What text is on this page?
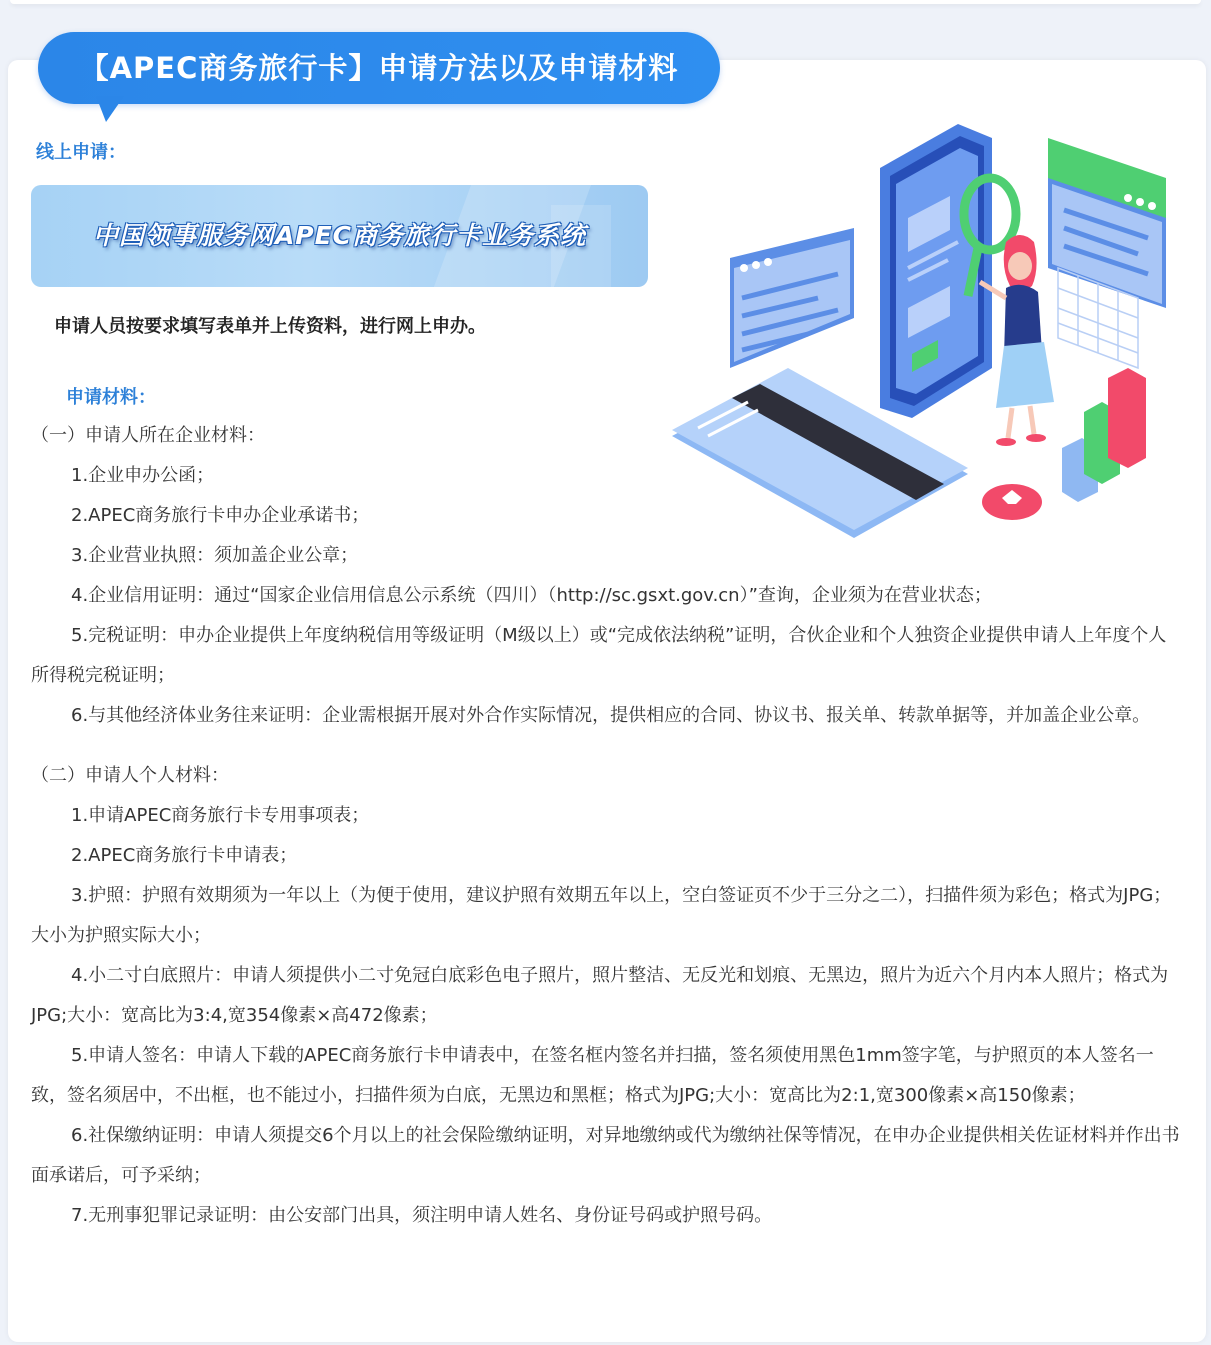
【APEC商务旅行卡】申请方法以及申请材料
线上申请：
中国领事服务网APEC商务旅行卡业务系统
申请人员按要求填写表单并上传资料，进行网上申办。
申请材料：

（一）申请人所在企业材料：

1.企业申办公函；

2.APEC商务旅行卡申办企业承诺书；

3.企业营业执照：须加盖企业公章；

4.企业信用证明：通过“国家企业信用信息公示系统（四川）（http://sc.gsxt.gov.cn）”查询，企业须为在营业状态；

5.完税证明：申办企业提供上年度纳税信用等级证明（M级以上）或“完成依法纳税”证明，合伙企业和个人独资企业提供申请人上年度个人所得税完税证明；

6.与其他经济体业务往来证明：企业需根据开展对外合作实际情况，提供相应的合同、协议书、报关单、转款单据等，并加盖企业公章。

（二）申请人个人材料：

1.申请APEC商务旅行卡专用事项表；

2.APEC商务旅行卡申请表；

3.护照：护照有效期须为一年以上（为便于使用，建议护照有效期五年以上，空白签证页不少于三分之二），扫描件须为彩色；格式为JPG；大小为护照实际大小；

4.小二寸白底照片：申请人须提供小二寸免冠白底彩色电子照片，照片整洁、无反光和划痕、无黑边，照片为近六个月内本人照片；格式为JPG;大小：宽高比为3:4,宽354像素×高472像素；

5.申请人签名：申请人下载的APEC商务旅行卡申请表中，在签名框内签名并扫描，签名须使用黑色1mm签字笔，与护照页的本人签名一致，签名须居中，不出框，也不能过小，扫描件须为白底，无黑边和黑框；格式为JPG;大小：宽高比为2:1,宽300像素×高150像素；

6.社保缴纳证明：申请人须提交6个月以上的社会保险缴纳证明，对异地缴纳或代为缴纳社保等情况，在申办企业提供相关佐证材料并作出书面承诺后，可予采纳；

7.无刑事犯罪记录证明：由公安部门出具，须注明申请人姓名、身份证号码或护照号码。
